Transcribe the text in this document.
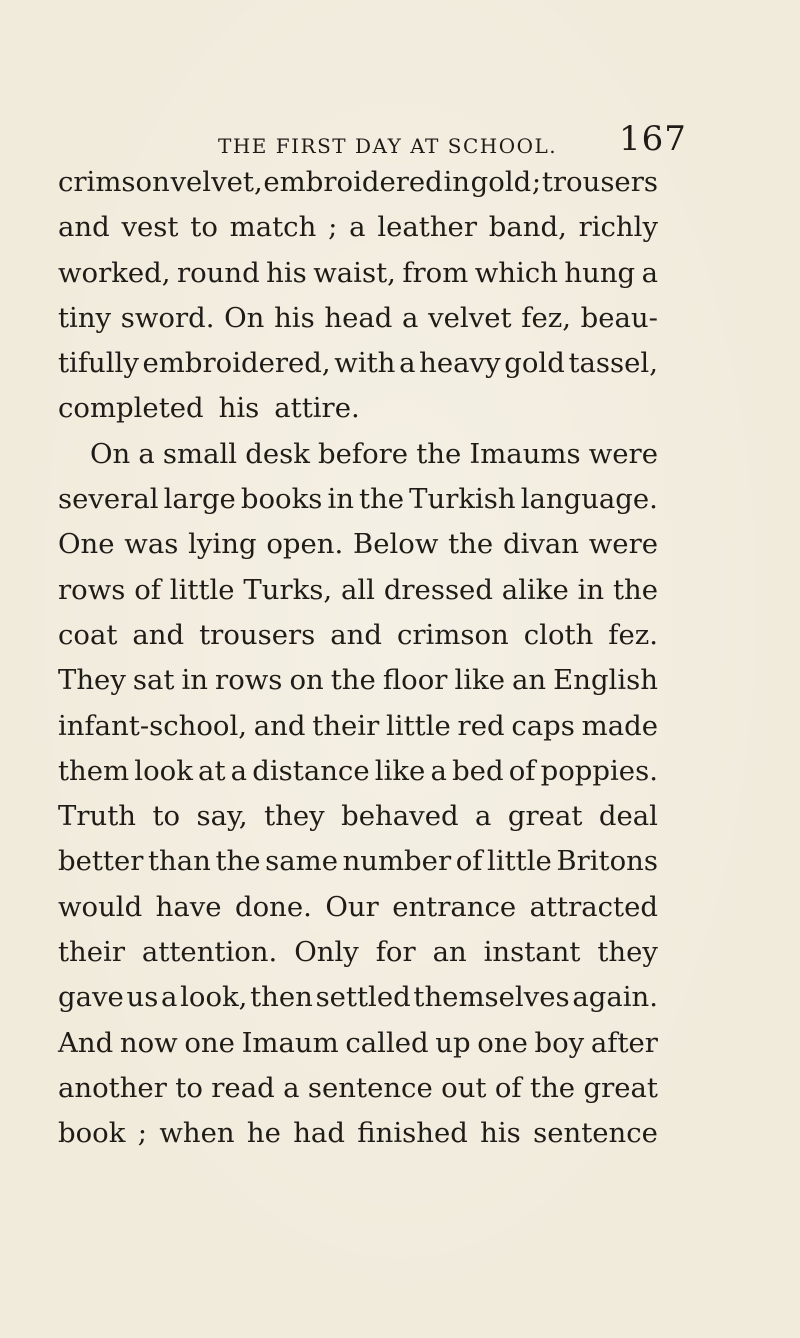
THE FIRST DAY AT SCHOOL. 167
crimson velvet, embroidered in gold ; trousers
and vest to match ; a leather band, richly
worked, round his waist, from which hung a
tiny sword. On his head a velvet fez, beau-
tifully embroidered, with a heavy gold tassel,
completed his attire.
On a small desk before the Imaums were
several large books in the Turkish language.
One was lying open. Below the divan were
rows of little Turks, all dressed alike in the
coat and trousers and crimson cloth fez.
They sat in rows on the floor like an English
infant-school, and their little red caps made
them look at a distance like a bed of poppies.
Truth to say, they behaved a great deal
better than the same number of little Britons
would have done. Our entrance attracted
their attention. Only for an instant they
gave us a look, then settled themselves again.
And now one Imaum called up one boy after
another to read a sentence out of the great
book ; when he had finished his sentence
